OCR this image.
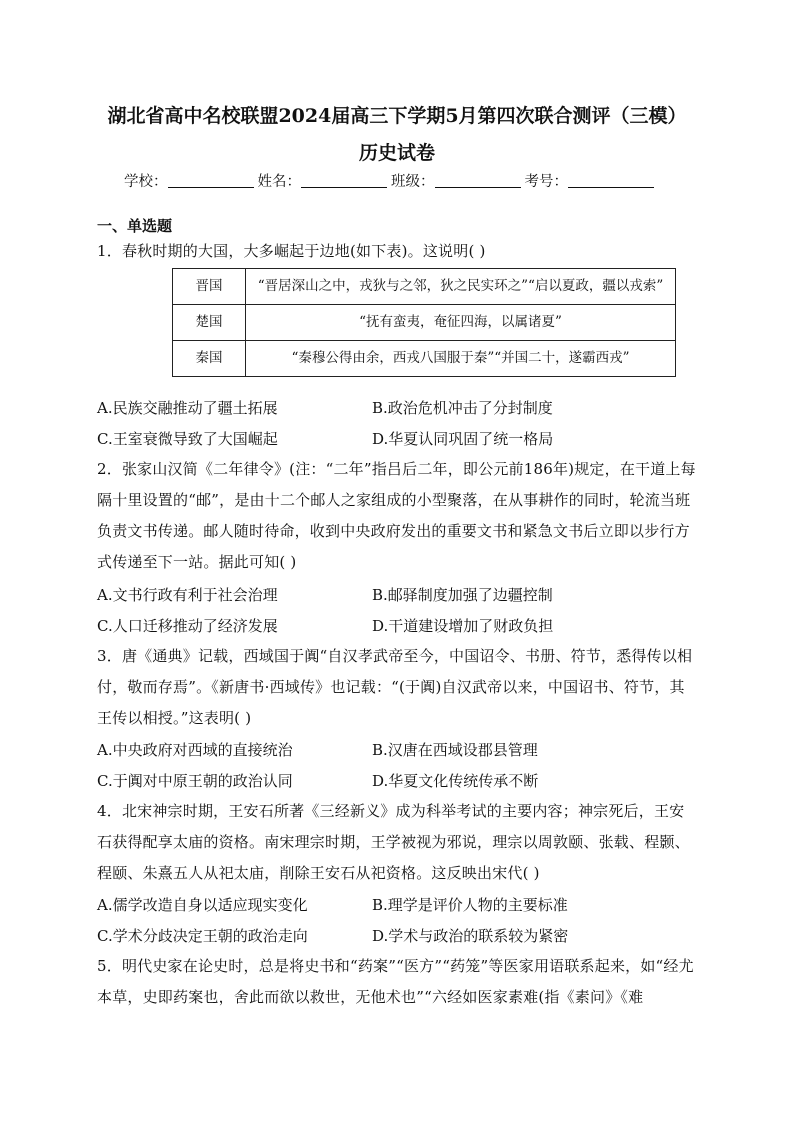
湖北省高中名校联盟2024届高三下学期5月第四次联合测评（三模）
历史试卷
学校：	姓名：	班级：	考号：
一、单选题
1．春秋时期的大国，大多崛起于边地(如下表)。这说明( )
晋国	“晋居深山之中，戎狄与之邻，狄之民实环之”“启以夏政，疆以戎索”
楚国	“抚有蛮夷，奄征四海，以属诸夏”
秦国	“秦穆公得由余，西戎八国服于秦”“并国二十，遂霸西戎”
A.民族交融推动了疆土拓展	B.政治危机冲击了分封制度
C.王室衰微导致了大国崛起	D.华夏认同巩固了统一格局
2．张家山汉简《二年律令》(注：“二年”指吕后二年，即公元前186年)规定，在干道上每隔十里设置的“邮”，是由十二个邮人之家组成的小型聚落，在从事耕作的同时，轮流当班负责文书传递。邮人随时待命，收到中央政府发出的重要文书和紧急文书后立即以步行方式传递至下一站。据此可知( )
A.文书行政有利于社会治理	B.邮驿制度加强了边疆控制
C.人口迁移推动了经济发展	D.干道建设增加了财政负担
3．唐《通典》记载，西域国于阗“自汉孝武帝至今，中国诏令、书册、符节，悉得传以相付，敬而存焉”。《新唐书·西域传》也记载：“(于阗)自汉武帝以来，中国诏书、符节，其王传以相授。”这表明( )
A.中央政府对西域的直接统治	B.汉唐在西域设郡县管理
C.于阗对中原王朝的政治认同	D.华夏文化传统传承不断
4．北宋神宗时期，王安石所著《三经新义》成为科举考试的主要内容；神宗死后，王安石获得配享太庙的资格。南宋理宗时期，王学被视为邪说，理宗以周敦颐、张载、程颢、程颐、朱熹五人从祀太庙，削除王安石从祀资格。这反映出宋代( )
A.儒学改造自身以适应现实变化	B.理学是评价人物的主要标准
C.学术分歧决定王朝的政治走向	D.学术与政治的联系较为紧密
5．明代史家在论史时，总是将史书和“药案”“医方”“药笼”等医家用语联系起来，如“经尤本草，史即药案也，舍此而欲以救世，无他术也”“六经如医家素难(指《素问》《难
